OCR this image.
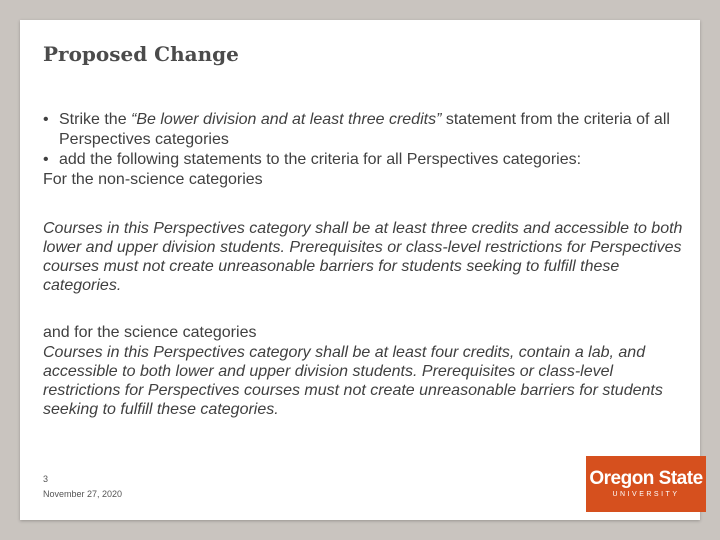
Proposed Change

• Strike the “Be lower division and at least three credits” statement from the criteria of all Perspectives categories

• add the following statements to the criteria for all Perspectives categories:

For the non-science categories

Courses in this Perspectives category shall be at least three credits and accessible to both lower and upper division students. Prerequisites or class-level restrictions for Perspectives courses must not create unreasonable barriers for students seeking to fulfill these categories.

and for the science categories

Courses in this Perspectives category shall be at least four credits, contain a lab, and accessible to both lower and upper division students. Prerequisites or class-level restrictions for Perspectives courses must not create unreasonable barriers for students seeking to fulfill these categories.

3
November 27, 2020
Oregon State
UNIVERSITY
